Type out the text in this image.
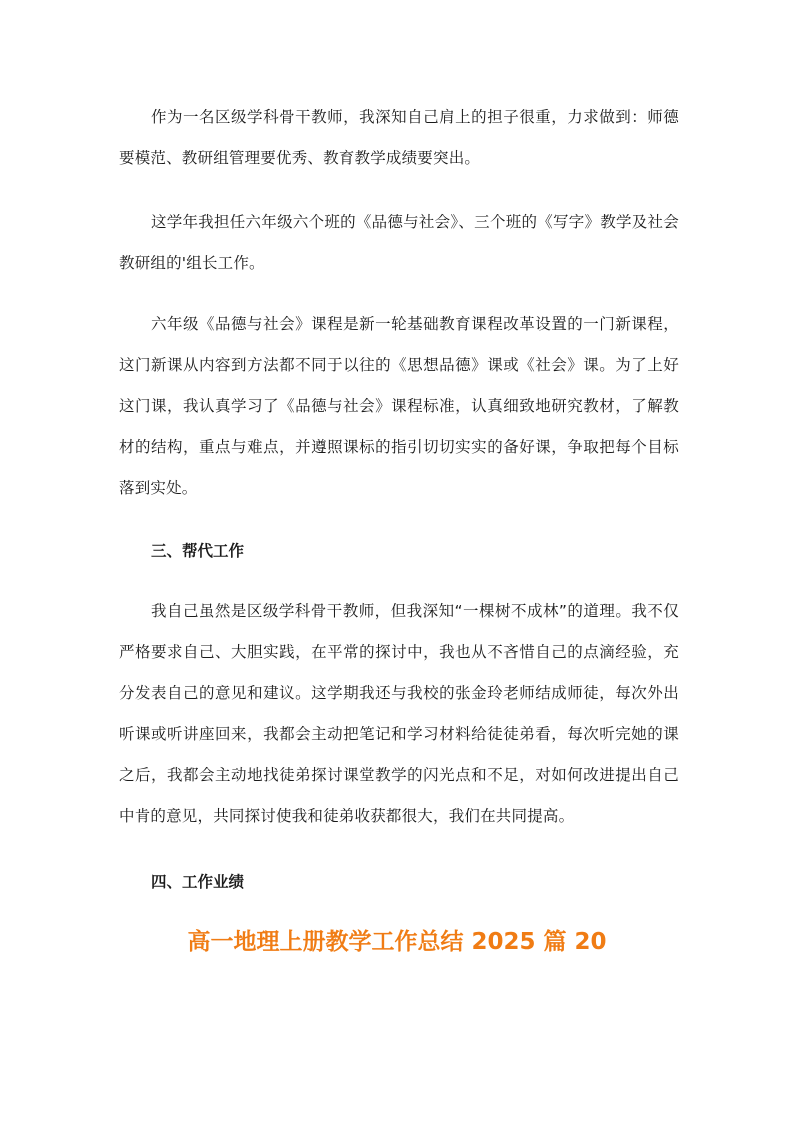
作为一名区级学科骨干教师，我深知自己肩上的担子很重，力求做到：师德要模范、教研组管理要优秀、教育教学成绩要突出。

这学年我担任六年级六个班的《品德与社会》、三个班的《写字》教学及社会教研组的'组长工作。

六年级《品德与社会》课程是新一轮基础教育课程改革设置的一门新课程，这门新课从内容到方法都不同于以往的《思想品德》课或《社会》课。为了上好这门课，我认真学习了《品德与社会》课程标准，认真细致地研究教材，了解教材的结构，重点与难点，并遵照课标的指引切切实实的备好课，争取把每个目标落到实处。

三、帮代工作

我自己虽然是区级学科骨干教师，但我深知“一棵树不成林”的道理。我不仅严格要求自己、大胆实践，在平常的探讨中，我也从不吝惜自己的点滴经验，充分发表自己的意见和建议。这学期我还与我校的张金玲老师结成师徒，每次外出听课或听讲座回来，我都会主动把笔记和学习材料给徒徒弟看，每次听完她的课之后，我都会主动地找徒弟探讨课堂教学的闪光点和不足，对如何改进提出自己中肯的意见，共同探讨使我和徒弟收获都很大，我们在共同提高。

四、工作业绩
高一地理上册教学工作总结 2025 篇 20
